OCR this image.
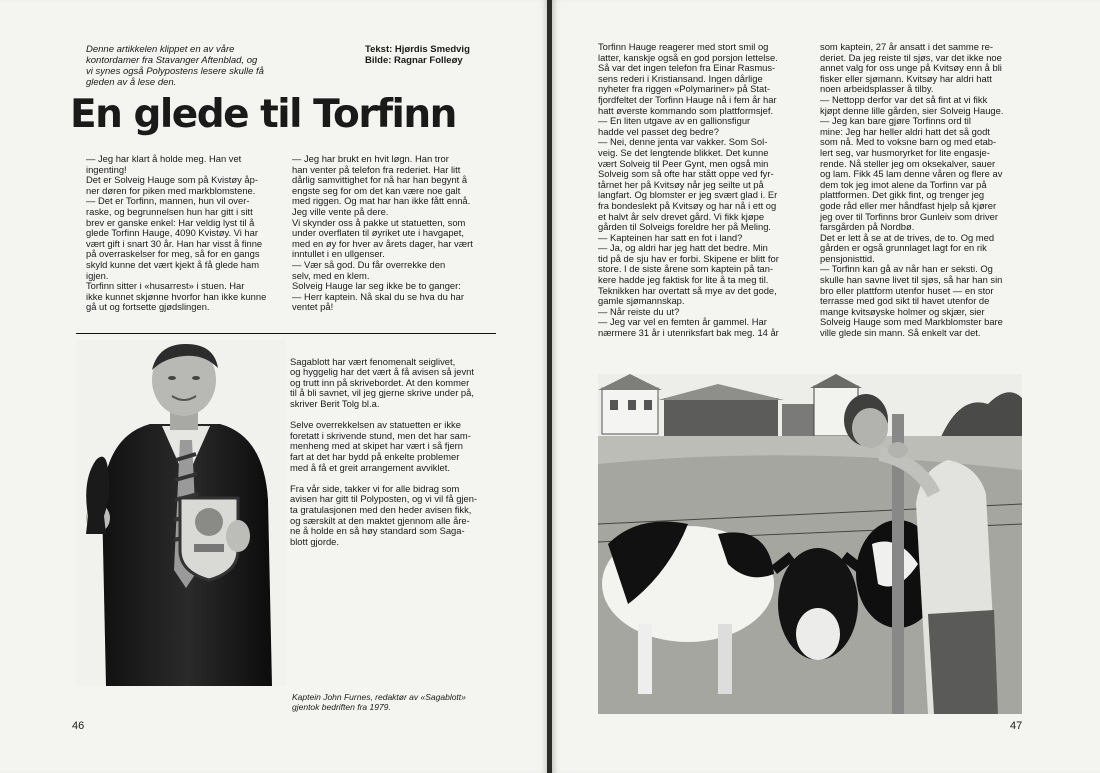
Denne artikkelen klippet en av våre
kontordamer fra Stavanger Aftenblad, og
vi synes også Polypostens lesere skulle få
gleden av å lese den.
Tekst: Hjørdis Smedvig
Bilde: Ragnar Folleøy
En glede til Torfinn

— Jeg har klart å holde meg. Han vet
ingenting!
Det er Solveig Hauge som på Kvistøy åp-
ner døren for piken med markblomstene.
— Det er Torfinn, mannen, hun vil over-
raske, og begrunnelsen hun har gitt i sitt
brev er ganske enkel: Har veldig lyst til å
glede Torfinn Hauge, 4090 Kvistøy. Vi har
vært gift i snart 30 år. Han har visst å finne
på overraskelser for meg, så for en gangs
skyld kunne det vært kjekt å få glede ham
igjen.
Torfinn sitter i «husarrest» i stuen. Har
ikke kunnet skjønne hvorfor han ikke kunne
gå ut og fortsette gjødslingen.

— Jeg har brukt en hvit løgn. Han tror
han venter på telefon fra rederiet. Har litt
dårlig samvittighet for nå har han begynt å
engste seg for om det kan være noe galt
med riggen. Og mat har han ikke fått ennå.
Jeg ville vente på dere.
Vi skynder oss å pakke ut statuetten, som
under overflaten til øyriket ute i havgapet,
med en øy for hver av årets dager, har vært
inntullet i en ullgenser.
— Vær så god. Du får overrekke den
selv, med en klem.
Solveig Hauge lar seg ikke be to ganger:
— Herr kaptein. Nå skal du se hva du har
ventet på!

Sagablott har vært fenomenalt seiglivet,
og hyggelig har det vært å få avisen så jevnt
og trutt inn på skrivebordet. At den kommer
til å bli savnet, vil jeg gjerne skrive under på,
skriver Berit Tolg bl.a.

Selve overrekkelsen av statuetten er ikke
foretatt i skrivende stund, men det har sam-
menheng med at skipet har vært i så fjern
fart at det har bydd på enkelte problemer
med å få et greit arrangement avviklet.

Fra vår side, takker vi for alle bidrag som
avisen har gitt til Polyposten, og vi vil få gjen-
ta gratulasjonen med den heder avisen fikk,
og særskilt at den maktet gjennom alle åre-
ne å holde en så høy standard som Saga-
blott gjorde.

Kaptein John Furnes, redaktør av «Sagablott»
gjentok bedriften fra 1979.
46

Torfinn Hauge reagerer med stort smil og
latter, kanskje også en god porsjon lettelse.
Så var det ingen telefon fra Einar Rasmus-
sens rederi i Kristiansand. Ingen dårlige
nyheter fra riggen «Polymariner» på Stat-
fjordfeltet der Torfinn Hauge nå i fem år har
hatt øverste kommando som plattformsjef.
— En liten utgave av en gallionsfigur
hadde vel passet deg bedre?
— Nei, denne jenta var vakker. Som Sol-
veig. Se det lengtende blikket. Det kunne
vært Solveig til Peer Gynt, men også min
Solveig som så ofte har stått oppe ved fyr-
tårnet her på Kvitsøy når jeg seilte ut på
langfart. Og blomster er jeg svært glad i. Er
fra bondeslekt på Kvitsøy og har nå i ett og
et halvt år selv drevet gård. Vi fikk kjøpe
gården til Solveigs foreldre her på Meling.
— Kapteinen har satt en fot i land?
— Ja, og aldri har jeg hatt det bedre. Min
tid på de sju hav er forbi. Skipene er blitt for
store. I de siste årene som kaptein på tan-
kere hadde jeg faktisk for lite å ta meg til.
Teknikken har overtatt så mye av det gode,
gamle sjømannskap.
— Når reiste du ut?
— Jeg var vel en femten år gammel. Har
nærmere 31 år i utenriksfart bak meg. 14 år

som kaptein, 27 år ansatt i det samme re-
deriet. Da jeg reiste til sjøs, var det ikke noe
annet valg for oss unge på Kvitsøy enn å bli
fisker eller sjømann. Kvitsøy har aldri hatt
noen arbeidsplasser å tilby.
— Nettopp derfor var det så fint at vi fikk
kjøpt denne lille gården, sier Solveig Hauge.
— Jeg kan bare gjøre Torfinns ord til
mine: Jeg har heller aldri hatt det så godt
som nå. Med to voksne barn og med etab-
lert seg, var husmoryrket for lite engasje-
rende. Nå steller jeg om oksekalver, sauer
og lam. Fikk 45 lam denne våren og flere av
dem tok jeg imot alene da Torfinn var på
plattformen. Det gikk fint, og trenger jeg
gode råd eller mer håndfast hjelp så kjører
jeg over til Torfinns bror Gunleiv som driver
farsgården på Nordbø.
Det er lett å se at de trives, de to. Og med
gården er også grunnlaget lagt for en rik
pensjonisttid.
— Torfinn kan gå av når han er seksti. Og
skulle han savne livet til sjøs, så har han sin
bro eller plattform utenfor huset — en stor
terrasse med god sikt til havet utenfor de
mange kvitsøyske holmer og skjær, sier
Solveig Hauge som med Markblomster bare
ville glede sin mann. Så enkelt var det.

47
